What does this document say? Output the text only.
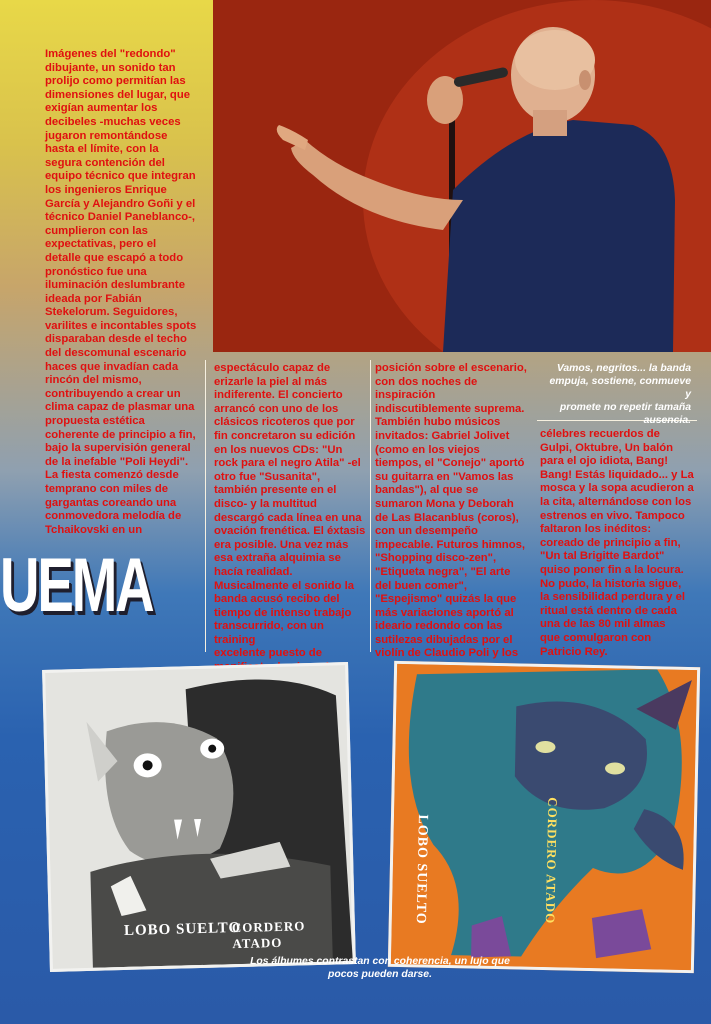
Imágenes del "redondo"
dibujante, un sonido tan
prolijo como permitían las
dimensiones del lugar, que
exigían aumentar los
decibeles -muchas veces
jugaron remontándose
hasta el límite, con la
segura contención del
equipo técnico que integran
los ingenieros Enrique
García y Alejandro Goñi y el
técnico Daniel Paneblanco-,
cumplieron con las
expectativas, pero el
detalle que escapó a todo
pronóstico fue una
iluminación deslumbrante
ideada por Fabián
Stekelorum. Seguidores,
varilites e incontables spots
disparaban desde el techo
del descomunal escenario
haces que invadían cada
rincón del mismo,
contribuyendo a crear un
clima capaz de plasmar una
propuesta estética
coherente de principio a fin,
bajo la supervisión general
de la inefable "Poli Heydi".
La fiesta comenzó desde
temprano con miles de
gargantas coreando una
conmovedora melodía de
Tchaikovski en un

espectáculo capaz de
erizarle la piel al más
indiferente. El concierto
arrancó con uno de los
clásicos ricoteros que por
fin concretaron su edición
en los nuevos CDs: "Un
rock para el negro Atila" -el
otro fue "Susanita",
también presente en el
disco- y la multitud
descargó cada línea en una
ovación frenética. El éxtasis
era posible. Una vez más
esa extraña alquimia se
hacía realidad.
Musicalmente el sonido la
banda acusó recibo del
tiempo de intenso trabajo
transcurrido, con un training
excelente puesto de

posición sobre el escenario,
con dos noches de
inspiración
indiscutiblemente suprema.
También hubo músicos
invitados: Gabriel Jolivet
(como en los viejos
tiempos, el "Conejo" aportó
su guitarra en "Vamos las
bandas"), al que se
sumaron Mona y Deborah
de Las Blacanblus (coros),
con un desempeño
impecable. Futuros himnos,
"Shopping disco-zen",
"Etiqueta negra", "El arte
del buen comer",
"Espejismo" quizás la que
más variaciones aportó al
ideario redondo con las
sutilezas dibujadas por el
violín de Claudio Poli y los

Vamos, negritos... la banda
empuja, sostiene, conmueve y
promete no repetir tamaña
ausencia.

célebres recuerdos de
Gulpi, Oktubre, Un balón
para el ojo idiota, Bang!
Bang! Estás liquidado... y La
mosca y la sopa acudieron a
la cita, alternándose con los
estrenos en vivo. Tampoco
faltaron los inéditos:
coreado de principio a fin,
"Un tal Brigitte Bardot"
quiso poner fin a la locura.
No pudo, la historia sigue,
la sensibilidad perdura y el
ritual está dentro de cada
una de las 80 mil almas
que comulgaron con
Patricio Rey.

UEMA
LOBO SUELTO
CORDERO ATADO
LOBO SUELTO	CORDERO ATADO
Los álbumes contrastan con coherencia, un lujo que
pocos pueden darse.
